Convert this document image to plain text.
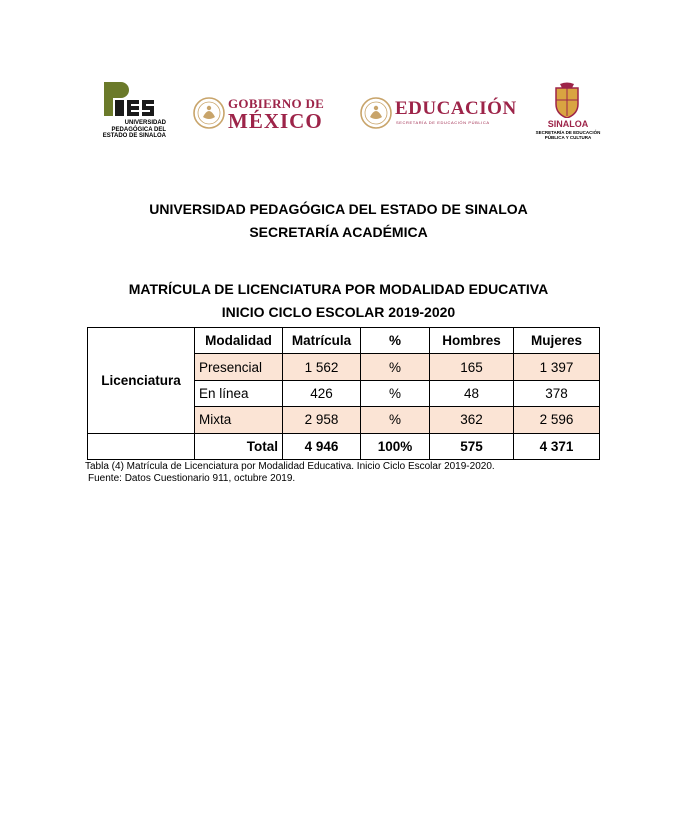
UNIVERSIDAD
PEDAGÓGICA DEL
ESTADO DE SINALOA
GOBIERNO DE
MÉXICO
EDUCACIÓN
SECRETARÍA DE EDUCACIÓN PÚBLICA	SINALOA
SECRETARÍA DE EDUCACIÓN
PÚBLICA Y CULTURA
UNIVERSIDAD PEDAGÓGICA DEL ESTADO DE SINALOA
SECRETARÍA ACADÉMICA
MATRÍCULA DE LICENCIATURA POR MODALIDAD EDUCATIVA
INICIO CICLO ESCOLAR 2019-2020
Licenciatura	Modalidad	Matrícula	%	Hombres	Mujeres
	Presencial	1 562	%	165	1 397
	En línea	426	%	48	378
	Mixta	2 958	%	362	2 596
	Total	4 946	100%	575	4 371
Tabla (4) Matrícula de Licenciatura por Modalidad Educativa. Inicio Ciclo Escolar 2019-2020.
Fuente: Datos Cuestionario 911, octubre 2019.
